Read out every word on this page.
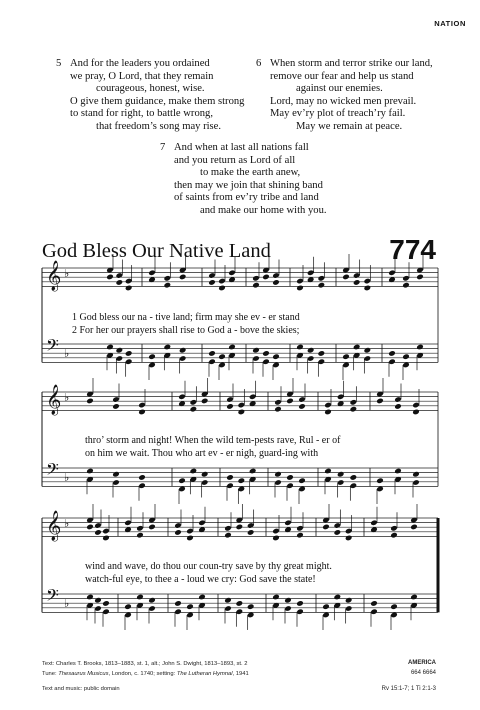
NATION
5 And for the leaders you ordained
we pray, O Lord, that they remain
courageous, honest, wise.
O give them guidance, make them strong
to stand for right, to battle wrong,
that freedom’s song may rise.
6 When storm and terror strike our land,
remove our fear and help us stand
against our enemies.
Lord, may no wicked men prevail.
May ev’ry plot of treach’ry fail.
May we remain at peace.
7 And when at last all nations fall
and you return as Lord of all
to make the earth anew,
then may we join that shining band
of saints from ev’ry tribe and land
and make our home with you.
God Bless Our Native Land	774
𝄞 ♭
𝄢 ♭
𝄞 ♭
𝄢 ♭
𝄞 ♭
𝄢 ♭
1 God bless our na - tive land; firm may she ev - er stand
2 For her our prayers shall rise to God a - bove the skies;
thro’ storm and night! When the wild tem-pests rave, Rul - er of
on him we wait. Thou who art ev - er nigh, guard-ing with
wind and wave, do thou our coun-try save by thy great might.
watch-ful eye, to thee a - loud we cry: God save the state!
Text: Charles T. Brooks, 1813–1883, st. 1, alt.; John S. Dwight, 1813–1893, st. 2
Tune: Thesaurus Musicus, London, c. 1740; setting: The Lutheran Hymnal, 1941
Text and music: public domain
AMERICA
664 6664
Rv 15:1-7; 1 Ti 2:1-3
